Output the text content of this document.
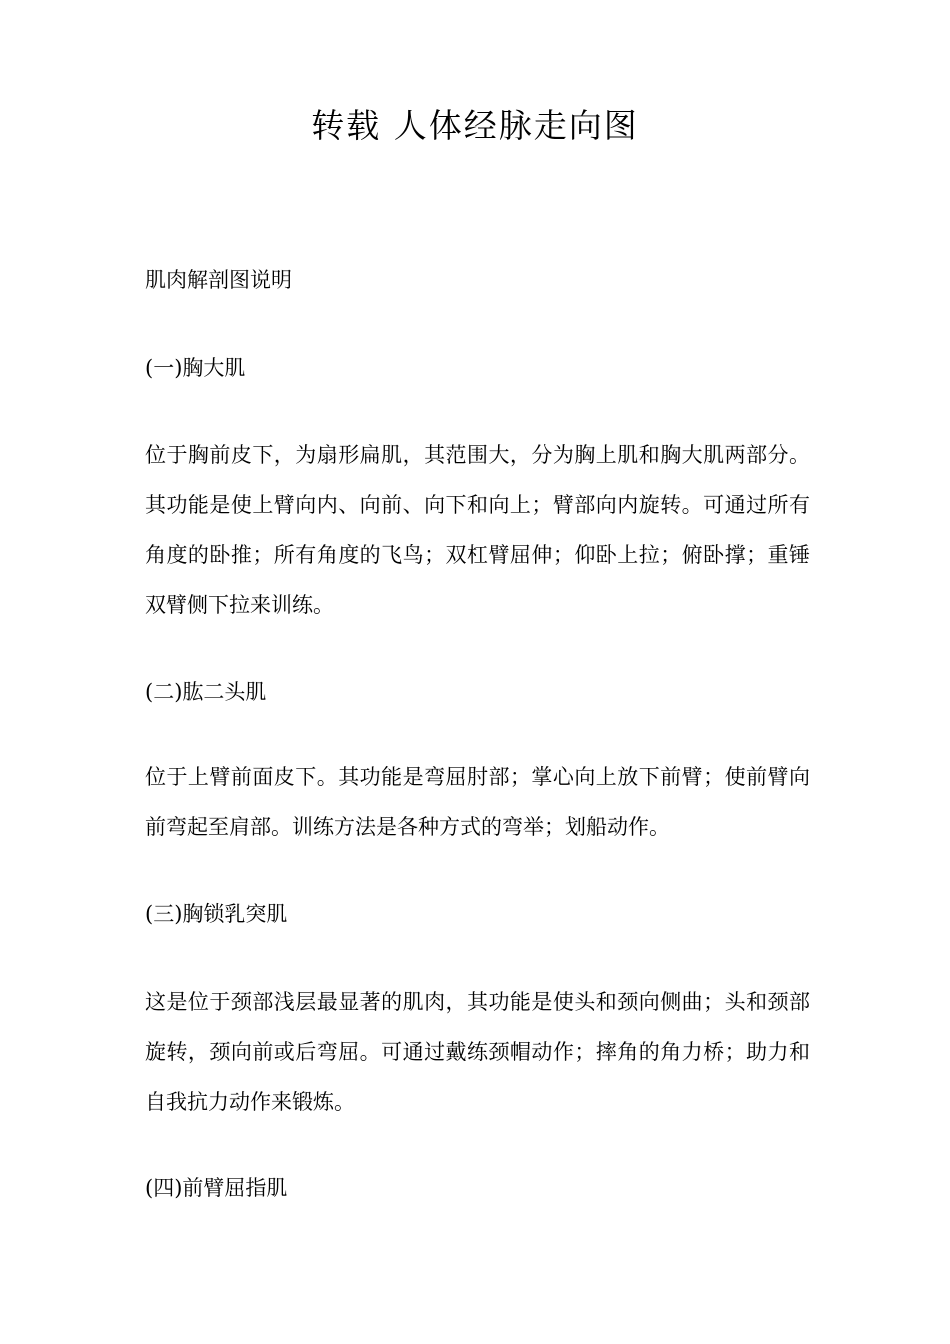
转载 人体经脉走向图

肌肉解剖图说明

(一)胸大肌

位于胸前皮下，为扇形扁肌，其范围大，分为胸上肌和胸大肌两部分。其功能是使上臂向内、向前、向下和向上；臂部向内旋转。可通过所有角度的卧推；所有角度的飞鸟；双杠臂屈伸；仰卧上拉；俯卧撑；重锤双臂侧下拉来训练。

(二)肱二头肌

位于上臂前面皮下。其功能是弯屈肘部；掌心向上放下前臂；使前臂向前弯起至肩部。训练方法是各种方式的弯举；划船动作。

(三)胸锁乳突肌

这是位于颈部浅层最显著的肌肉，其功能是使头和颈向侧曲；头和颈部旋转，颈向前或后弯屈。可通过戴练颈帽动作；摔角的角力桥；助力和自我抗力动作来锻炼。

(四)前臂屈指肌
